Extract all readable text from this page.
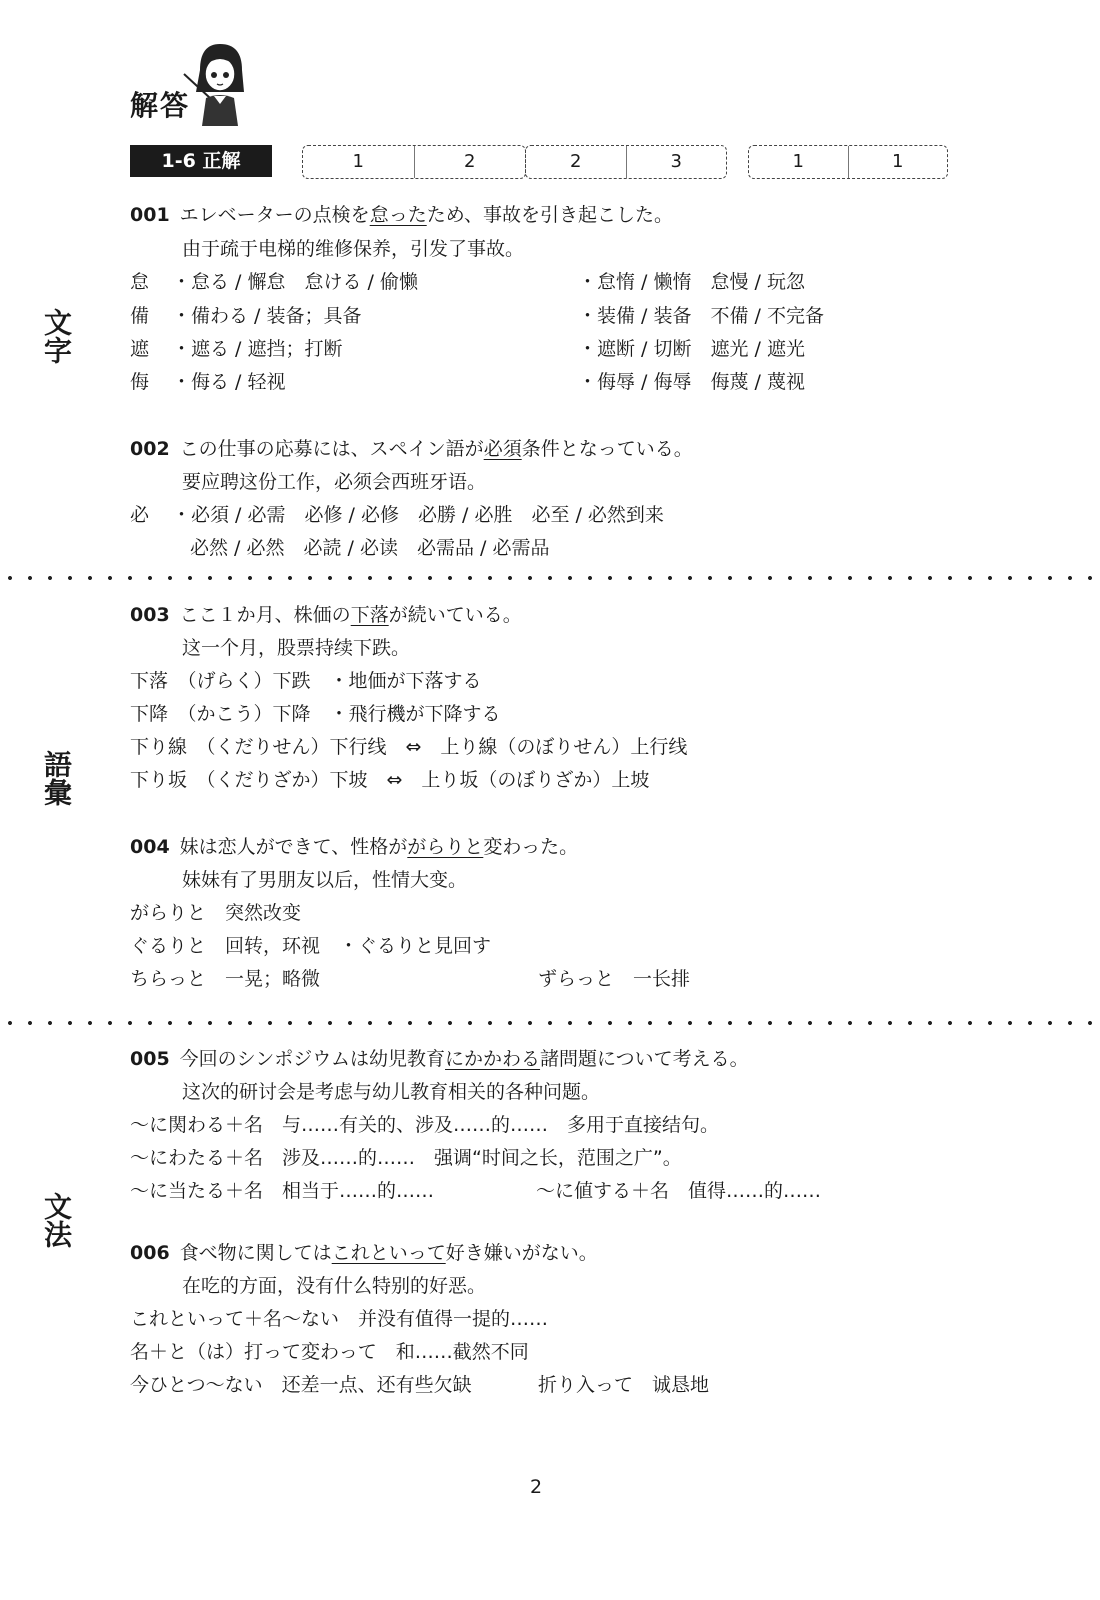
解答
1-6 正解	1	2	2	3	1	1
文字
語彙
文法
001 エレベーターの点検を怠ったため、事故を引き起こした。
由于疏于电梯的维修保养，引发了事故。
怠 ・怠る / 懈怠　怠ける / 偷懒	・怠惰 / 懒惰　怠慢 / 玩忽
備 ・備わる / 装备；具备	・装備 / 装备　不備 / 不完备
遮 ・遮る / 遮挡；打断	・遮断 / 切断　遮光 / 遮光
侮 ・侮る / 轻视	・侮辱 / 侮辱　侮蔑 / 蔑视
002 この仕事の応募には、スペイン語が必須条件となっている。
要应聘这份工作，必须会西班牙语。
必 ・必須 / 必需　必修 / 必修　必勝 / 必胜　必至 / 必然到来
必然 / 必然　必読 / 必读　必需品 / 必需品
003 ここ１か月、株価の下落が続いている。
这一个月，股票持续下跌。
下落　（げらく）下跌　・地価が下落する
下降　（かこう）下降　・飛行機が下降する
下り線　（くだりせん）下行线　⇔　上り線（のぼりせん）上行线
下り坂　（くだりざか）下坡　⇔　上り坂（のぼりざか）上坡
004 妹は恋人ができて、性格ががらりと変わった。
妹妹有了男朋友以后，性情大变。
がらりと　突然改变
ぐるりと　回转，环视　・ぐるりと見回す
ちらっと　一晃；略微	ずらっと　一长排
005 今回のシンポジウムは幼児教育にかかわる諸問題について考える。
这次的研讨会是考虑与幼儿教育相关的各种问题。
～に関わる＋名　与……有关的、涉及……的……　多用于直接结句。
～にわたる＋名　涉及……的……　强调“时间之长，范围之广”。
～に当たる＋名　相当于……的……	～に値する＋名　值得……的……
006 食べ物に関してはこれといって好き嫌いがない。
在吃的方面，没有什么特别的好恶。
これといって＋名～ない　并没有值得一提的……
名＋と（は）打って変わって　和……截然不同
今ひとつ～ない　还差一点、还有些欠缺	折り入って　诚恳地
2
